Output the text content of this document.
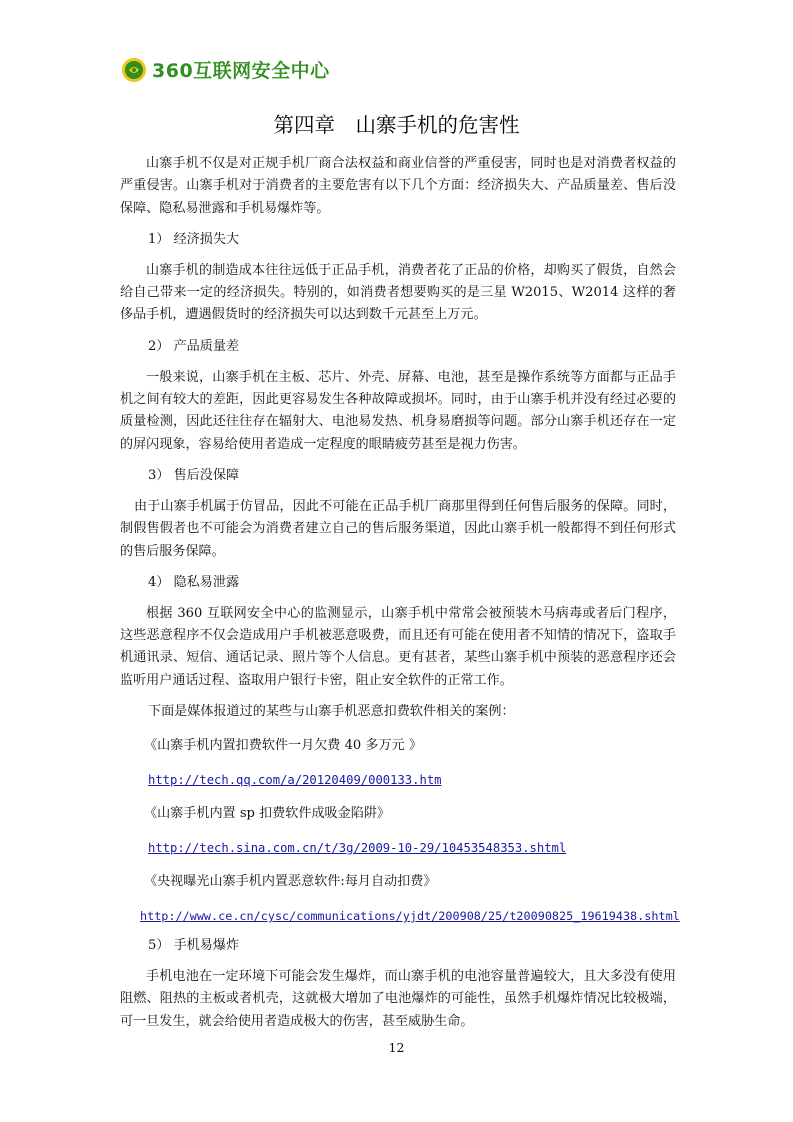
360互联网安全中心
第四章　山寨手机的危害性

山寨手机不仅是对正规手机厂商合法权益和商业信誉的严重侵害，同时也是对消费者权益的严重侵害。山寨手机对于消费者的主要危害有以下几个方面：经济损失大、产品质量差、售后没保障、隐私易泄露和手机易爆炸等。

1） 经济损失大

山寨手机的制造成本往往远低于正品手机，消费者花了正品的价格，却购买了假货，自然会给自己带来一定的经济损失。特别的，如消费者想要购买的是三星 W2015、W2014 这样的奢侈品手机，遭遇假货时的经济损失可以达到数千元甚至上万元。

2） 产品质量差

一般来说，山寨手机在主板、芯片、外壳、屏幕、电池，甚至是操作系统等方面都与正品手机之间有较大的差距，因此更容易发生各种故障或损坏。同时，由于山寨手机并没有经过必要的质量检测，因此还往往存在辐射大、电池易发热、机身易磨损等问题。部分山寨手机还存在一定的屏闪现象，容易给使用者造成一定程度的眼睛疲劳甚至是视力伤害。

3） 售后没保障

由于山寨手机属于仿冒品，因此不可能在正品手机厂商那里得到任何售后服务的保障。同时，制假售假者也不可能会为消费者建立自己的售后服务渠道，因此山寨手机一般都得不到任何形式的售后服务保障。

4） 隐私易泄露

根据 360 互联网安全中心的监测显示，山寨手机中常常会被预装木马病毒或者后门程序，这些恶意程序不仅会造成用户手机被恶意吸费，而且还有可能在使用者不知情的情况下，盗取手机通讯录、短信、通话记录、照片等个人信息。更有甚者，某些山寨手机中预装的恶意程序还会监听用户通话过程、盗取用户银行卡密，阻止安全软件的正常工作。

下面是媒体报道过的某些与山寨手机恶意扣费软件相关的案例：
《山寨手机内置扣费软件一月欠费 40 多万元 》
http://tech.qq.com/a/20120409/000133.htm
《山寨手机内置 sp 扣费软件成吸金陷阱》
http://tech.sina.com.cn/t/3g/2009-10-29/10453548353.shtml
《央视曝光山寨手机内置恶意软件:每月自动扣费》
http://www.ce.cn/cysc/communications/yjdt/200908/25/t20090825_19619438.shtml
5） 手机易爆炸

手机电池在一定环境下可能会发生爆炸，而山寨手机的电池容量普遍较大，且大多没有使用阻燃、阻热的主板或者机壳，这就极大增加了电池爆炸的可能性，虽然手机爆炸情况比较极端，可一旦发生，就会给使用者造成极大的伤害，甚至威胁生命。

12
